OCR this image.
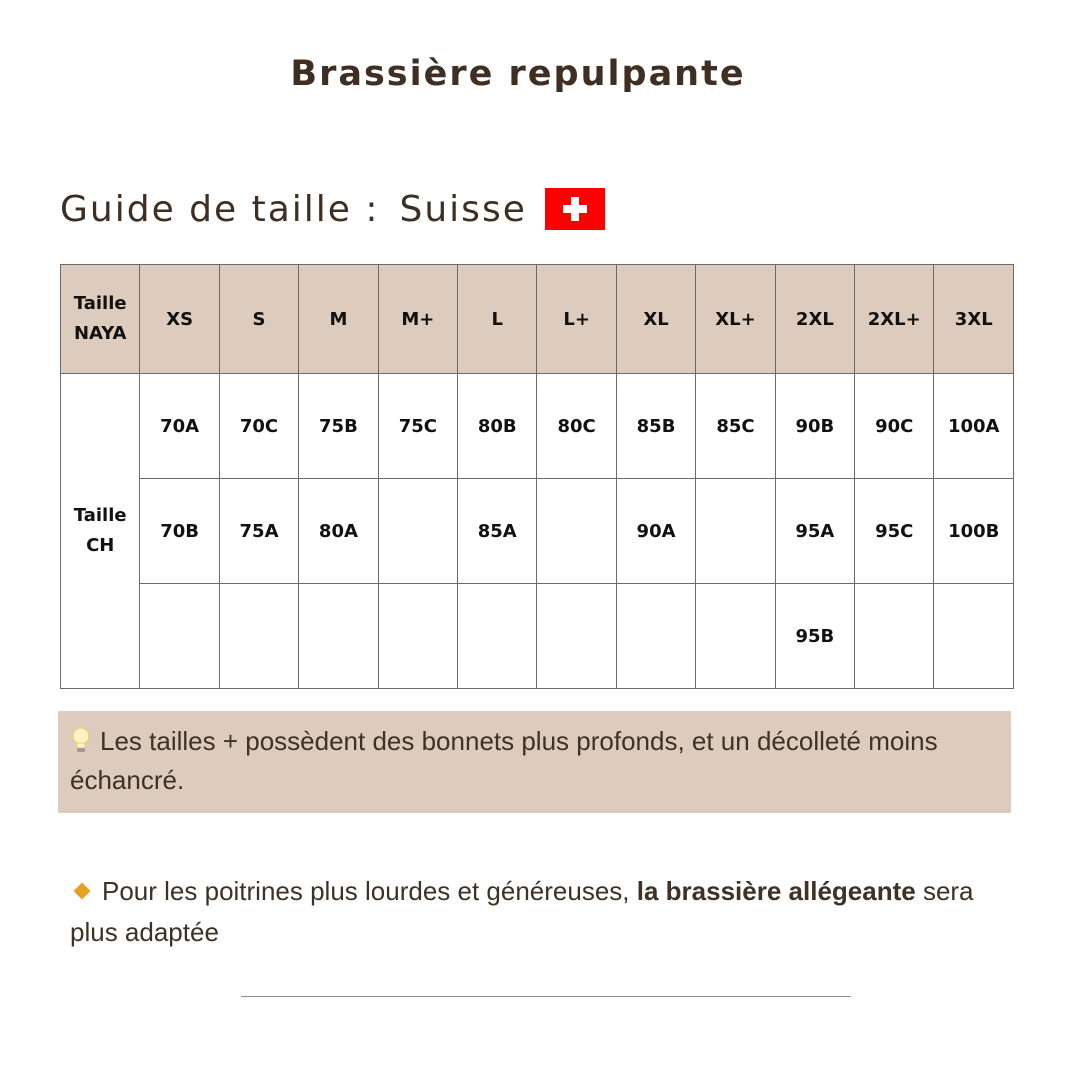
Brassière repulpante
Guide de taille : Suisse
Taille
NAYA	XS	S	M	M+	L	L+	XL	XL+	2XL	2XL+	3XL
Taille
CH	70A	70C	75B	75C	80B	80C	85B	85C	90B	90C	100A
	70B	75A	80A		85A		90A		95A	95C	100B
									95B		
Les tailles + possèdent des bonnets plus profonds, et un décolleté moins échancré.
Pour les poitrines plus lourdes et généreuses, la brassière allégeante sera plus adaptée
